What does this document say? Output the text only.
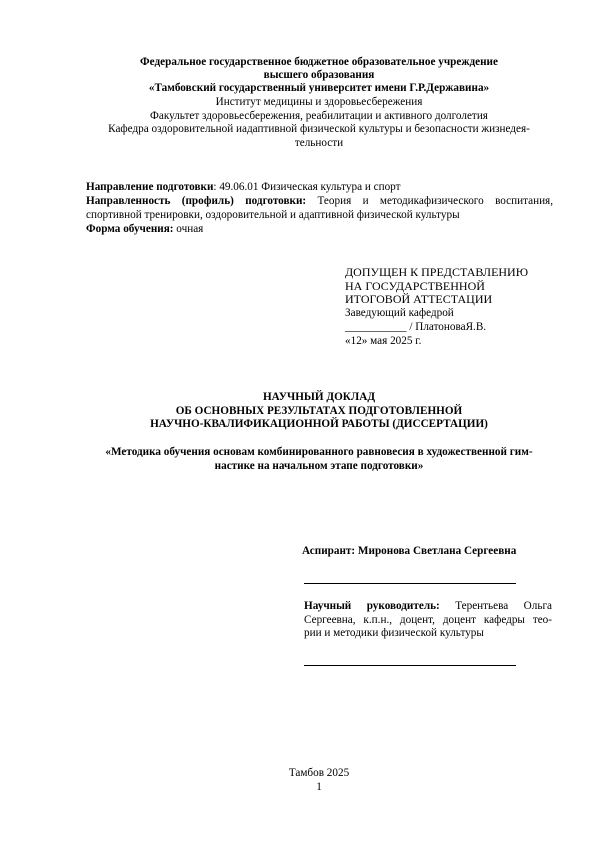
Федеральное государственное бюджетное образовательное учреждение
высшего образования
«Тамбовский государственный университет имени Г.Р.Державина»
Институт медицины и здоровьесбережения
Факультет здоровьесбережения, реабилитации и активного долголетия
Кафедра оздоровительной иадаптивной физической культуры и безопасности жизнедея-
тельности
Направление подготовки: 49.06.01 Физическая культура и спорт
Направленность (профиль) подготовки: Теория и методикафизического воспитания,
спортивной тренировки, оздоровительной и адаптивной физической культуры
Форма обучения: очная
ДОПУЩЕН К ПРЕДСТАВЛЕНИЮ
НА ГОСУДАРСТВЕННОЙ
ИТОГОВОЙ АТТЕСТАЦИИ
Заведующий кафедрой
___________ / ПлатоноваЯ.В.
«12» мая 2025 г.
НАУЧНЫЙ ДОКЛАД
ОБ ОСНОВНЫХ РЕЗУЛЬТАТАХ ПОДГОТОВЛЕННОЙ
НАУЧНО-КВАЛИФИКАЦИОННОЙ РАБОТЫ (ДИССЕРТАЦИИ)
«Методика обучения основам комбинированного равновесия в художественной гим-
настике на начальном этапе подготовки»
Аспирант: Миронова Светлана Сергеевна
Научный руководитель: Терентьева Ольга
Сергеевна, к.п.н., доцент, доцент кафедры тео-
рии и методики физической культуры
Тамбов 2025
1
